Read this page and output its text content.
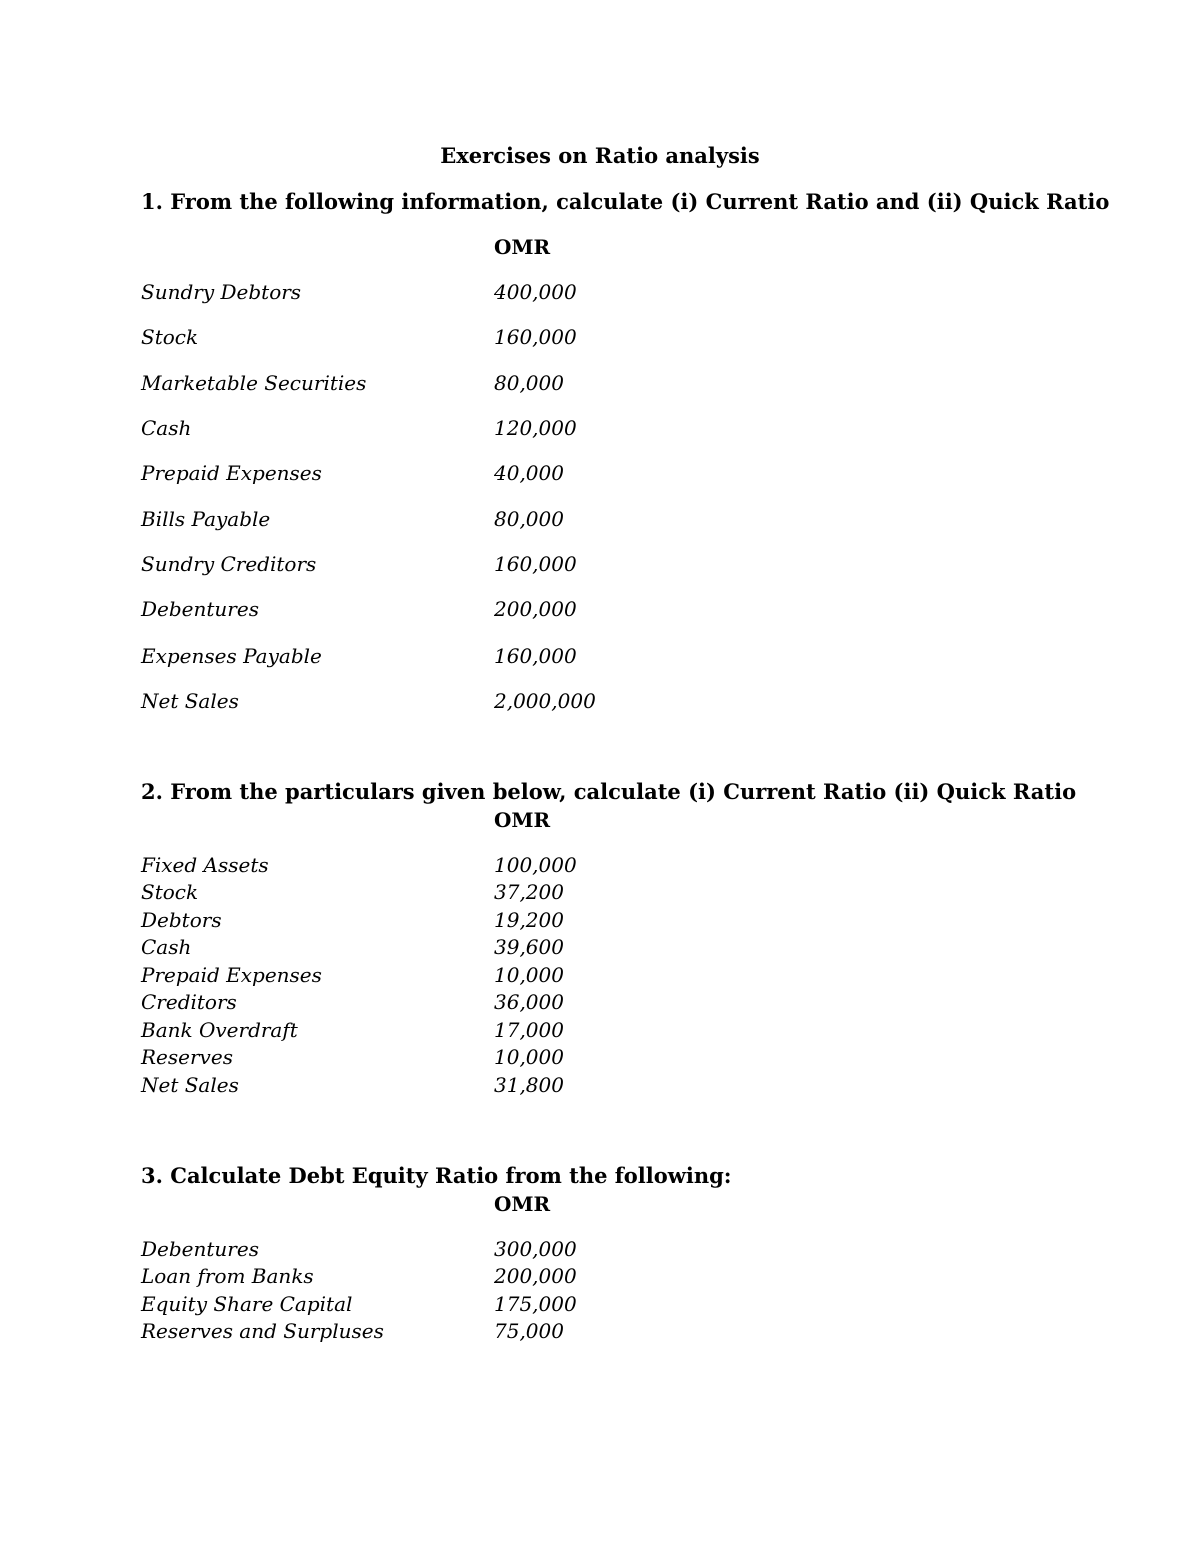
Exercises on Ratio analysis
1. From the following information, calculate (i) Current Ratio and (ii) Quick Ratio
OMR
Sundry Debtors	400,000
Stock	160,000
Marketable Securities	80,000
Cash	120,000
Prepaid Expenses	40,000
Bills Payable	80,000
Sundry Creditors	160,000
Debentures	200,000
Expenses Payable	160,000
Net Sales	2,000,000
2. From the particulars given below, calculate (i) Current Ratio (ii) Quick Ratio
OMR
Fixed Assets	100,000
Stock	37,200
Debtors	19,200
Cash	39,600
Prepaid Expenses	10,000
Creditors	36,000
Bank Overdraft	17,000
Reserves	10,000
Net Sales	31,800
3. Calculate Debt Equity Ratio from the following:
OMR
Debentures	300,000
Loan from Banks	200,000
Equity Share Capital	175,000
Reserves and Surpluses	75,000
